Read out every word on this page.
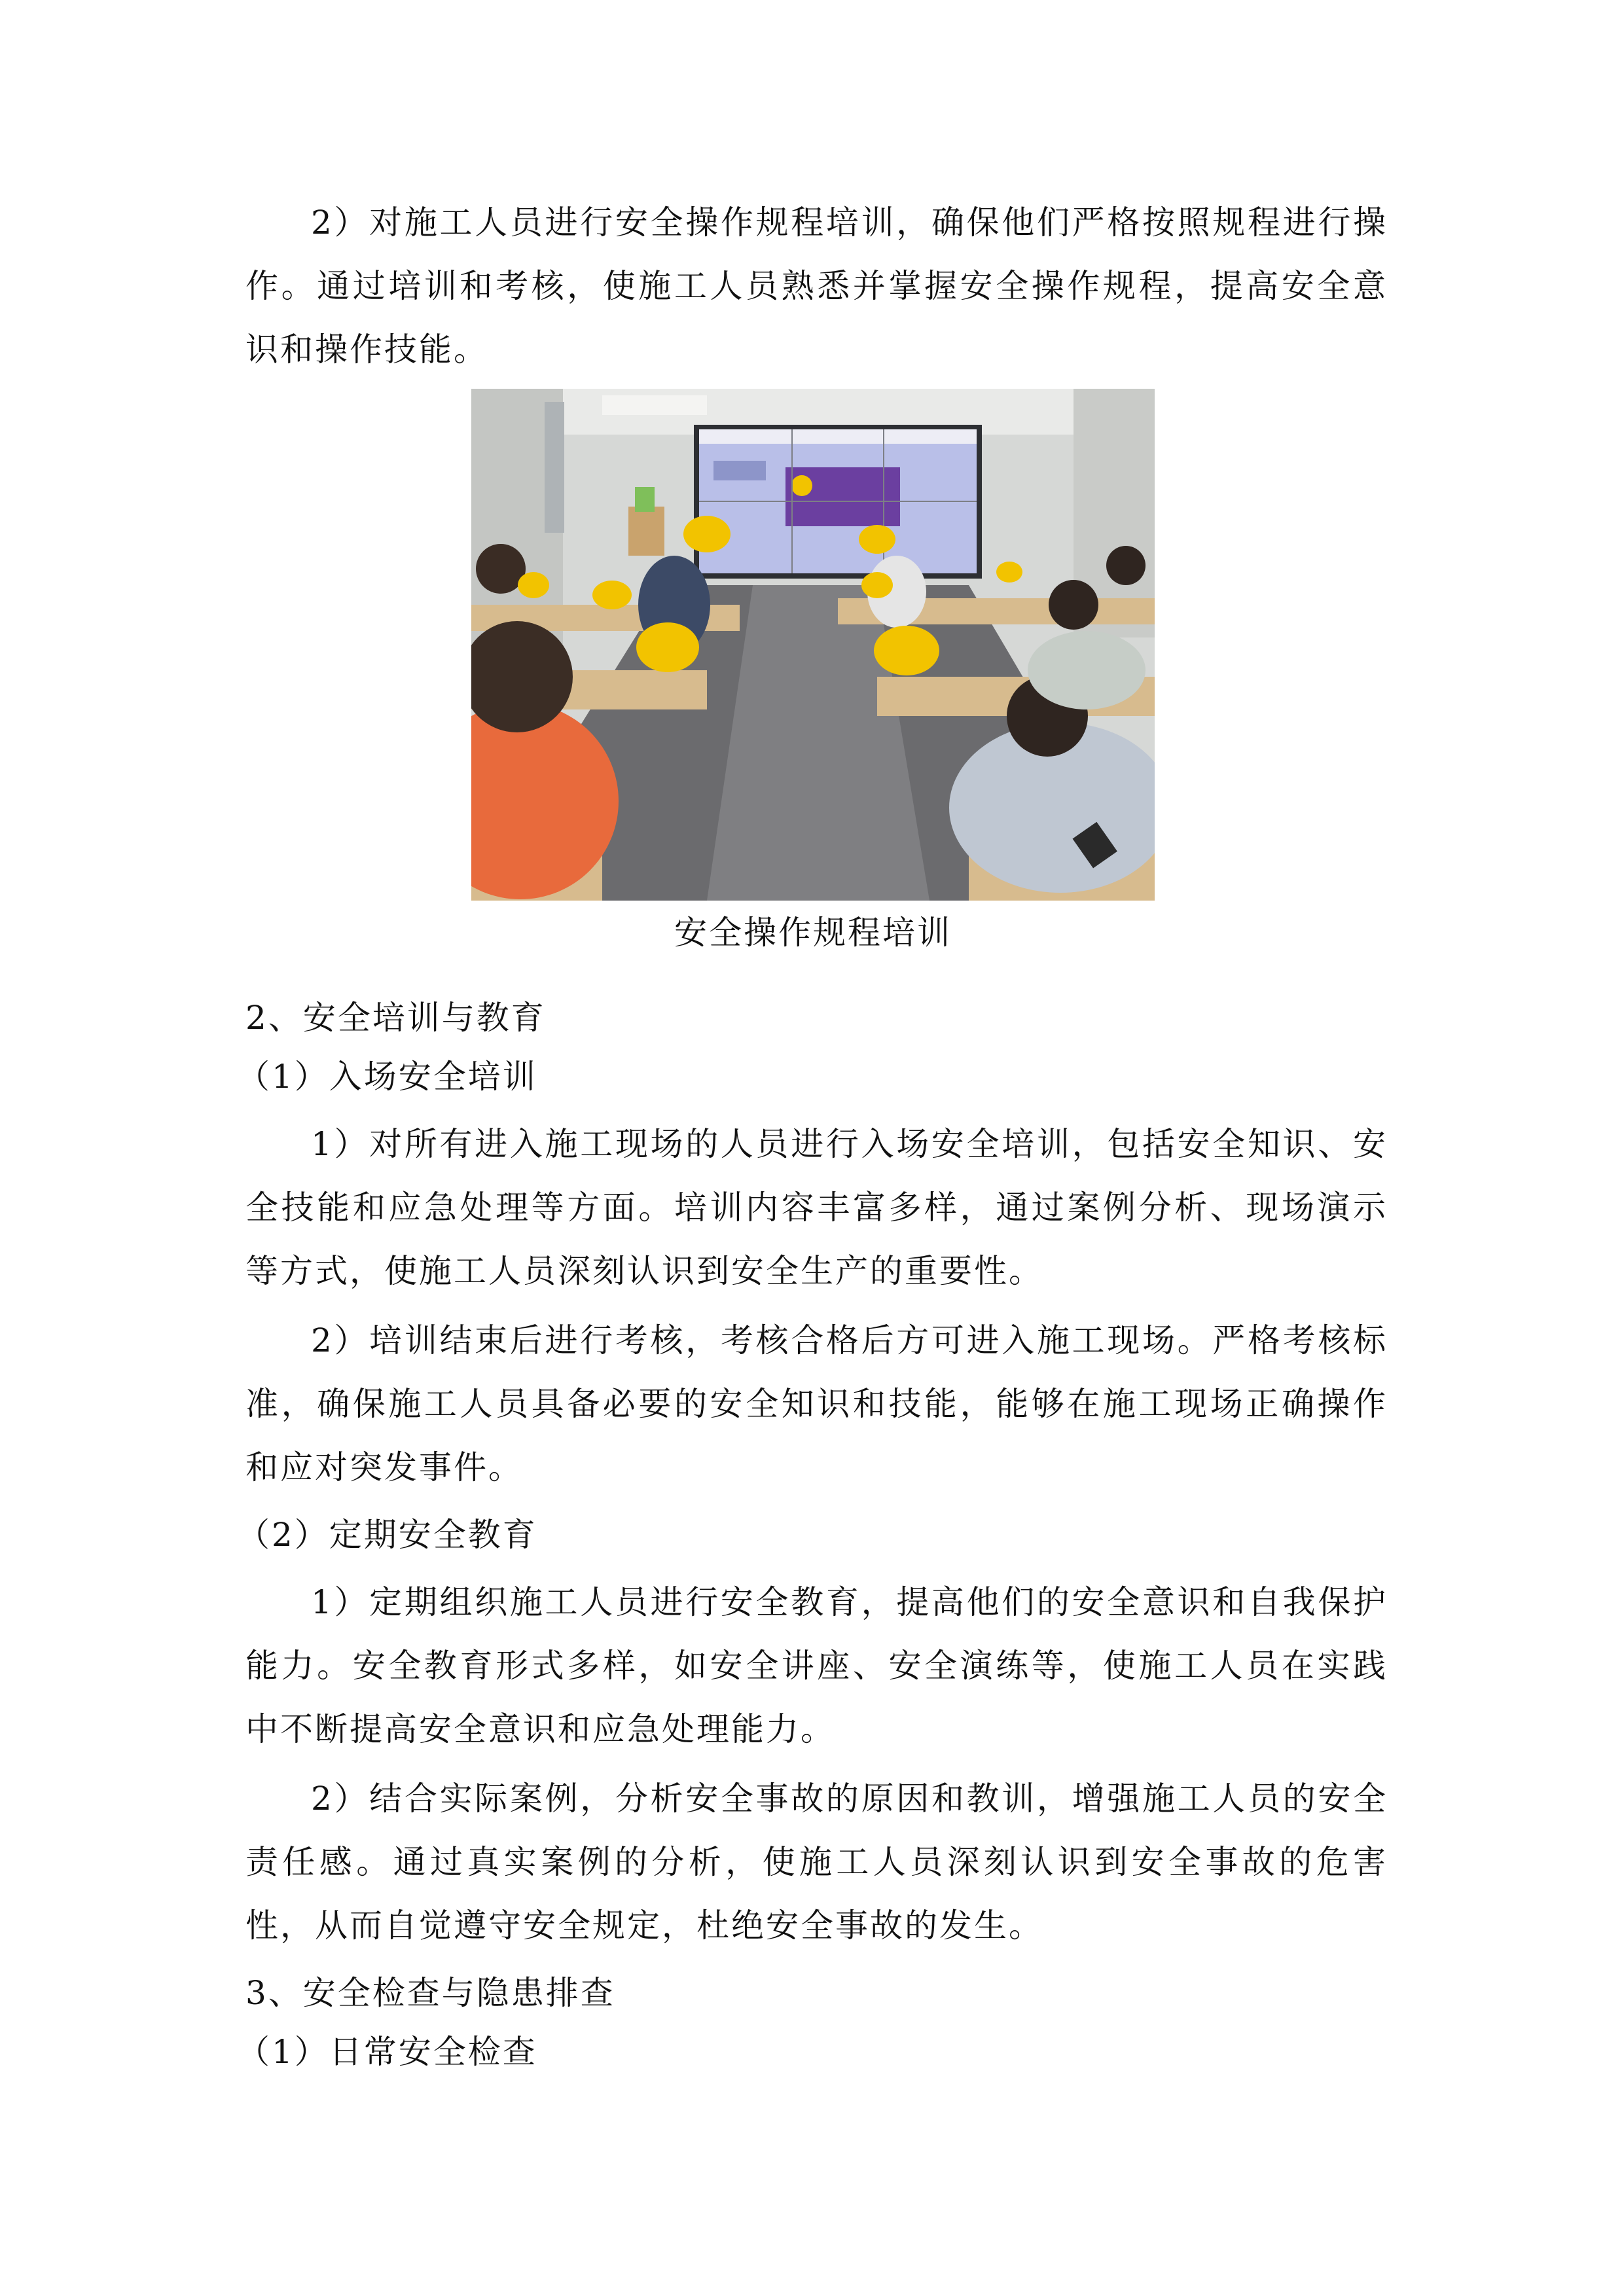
2）对施工人员进行安全操作规程培训，确保他们严格按照规程进行操作。通过培训和考核，使施工人员熟悉并掌握安全操作规程，提高安全意识和操作技能。

安全操作规程培训

2、安全培训与教育

（1）入场安全培训

1）对所有进入施工现场的人员进行入场安全培训，包括安全知识、安全技能和应急处理等方面。培训内容丰富多样，通过案例分析、现场演示等方式，使施工人员深刻认识到安全生产的重要性。

2）培训结束后进行考核，考核合格后方可进入施工现场。严格考核标准，确保施工人员具备必要的安全知识和技能，能够在施工现场正确操作和应对突发事件。

（2）定期安全教育

1）定期组织施工人员进行安全教育，提高他们的安全意识和自我保护能力。安全教育形式多样，如安全讲座、安全演练等，使施工人员在实践中不断提高安全意识和应急处理能力。

2）结合实际案例，分析安全事故的原因和教训，增强施工人员的安全责任感。通过真实案例的分析，使施工人员深刻认识到安全事故的危害性，从而自觉遵守安全规定，杜绝安全事故的发生。

3、安全检查与隐患排查

（1）日常安全检查
